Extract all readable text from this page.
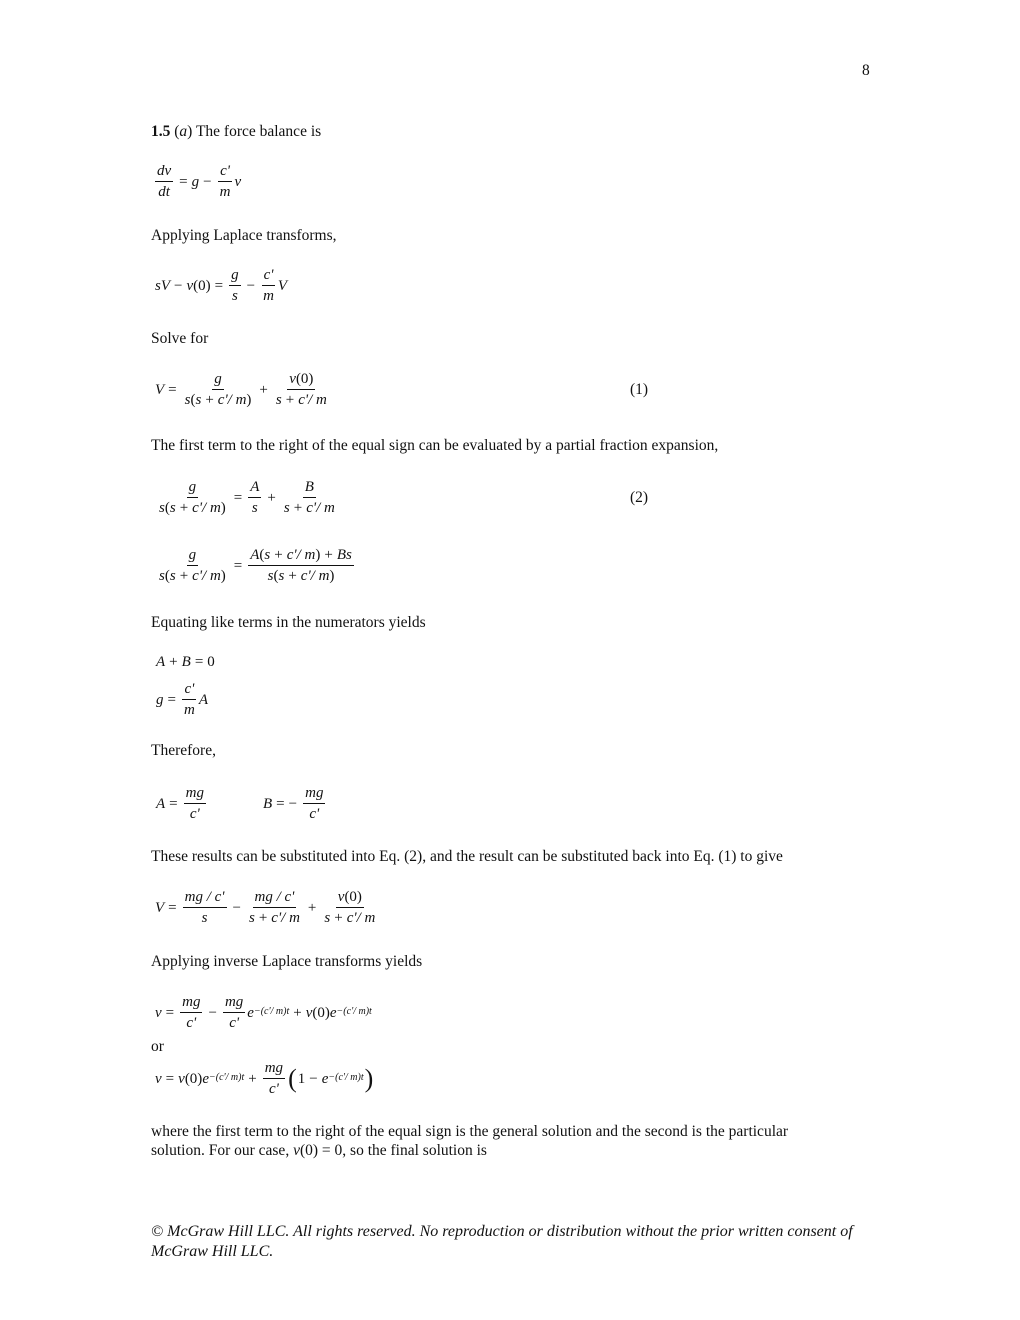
8
1.5 (a) The force balance is
$\frac{dv}{dt} = g - \frac{c'}{m}$ v
Applying Laplace transforms,
sV − v $(0) = \frac{g}{s} - \frac{c'}{m}$ V
Solve for
$V = \frac{g}{s(s + c'/ m)} + \frac{v(0)}{s + c'/ m}$	(1)
The first term to the right of the equal sign can be evaluated by a partial fraction expansion,
$\frac{g}{s(s + c'/ m)} = \frac{A}{s} + \frac{B}{s + c'/ m}$	(2)
$\frac{g}{s(s + c'/ m)} = \frac{A(s + c'/ m) + Bs}{s(s + c'/ m)}$
Equating like terms in the numerators yields
A + B = 0
$g = \frac{c'}{m}$ A
Therefore,
$A = \frac{mg}{c'}$	B = − $\frac{mg}{c'}$
These results can be substituted into Eq. (2), and the result can be substituted back into Eq. (1) to give
$V = \frac{mg / c'}{s} - \frac{mg / c'}{s + c'/ m} + \frac{v(0)}{s + c'/ m}$
Applying inverse Laplace transforms yields
$v = \frac{mg}{c'} - \frac{mg}{c'} e^{-(c'/ m)t} + v$ (0) $e^{-(c'/ m)t}$
or
v = v (0) $e^{-(c'/ m)t} + \frac{mg}{c'}$ ( $1 - e^{-(c'/ m)t}$ )
where the first term to the right of the equal sign is the general solution and the second is the particular
solution. For our case, v(0) = 0, so the final solution is
© McGraw Hill LLC. All rights reserved. No reproduction or distribution without the prior written consent of McGraw Hill LLC.
